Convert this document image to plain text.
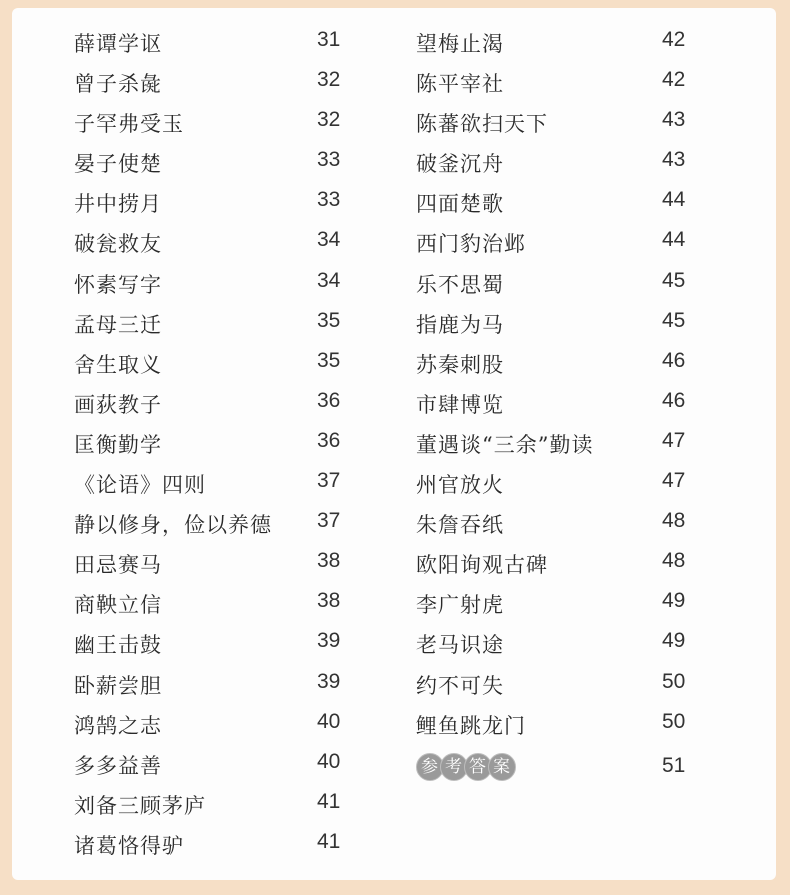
薛谭学讴	31
曾子杀彘	32
子罕弗受玉	32
晏子使楚	33
井中捞月	33
破瓮救友	34
怀素写字	34
孟母三迁	35
舍生取义	35
画荻教子	36
匡衡勤学	36
《论语》四则	37
静以修身，俭以养德 37
田忌赛马	38
商鞅立信	38
幽王击鼓	39
卧薪尝胆	39
鸿鹄之志	40
多多益善	40
刘备三顾茅庐	41
诸葛恪得驴	41
望梅止渴	42
陈平宰社	42
陈蕃欲扫天下	43
破釜沉舟	43
四面楚歌	44
西门豹治邺	44
乐不思蜀	45
指鹿为马	45
苏秦刺股	46
市肆博览	46
董遇谈“三余”勤读	47
州官放火	47
朱詹吞纸	48
欧阳询观古碑	48
李广射虎	49
老马识途	49
约不可失	50
鲤鱼跳龙门	50
参 考 答 案	51
